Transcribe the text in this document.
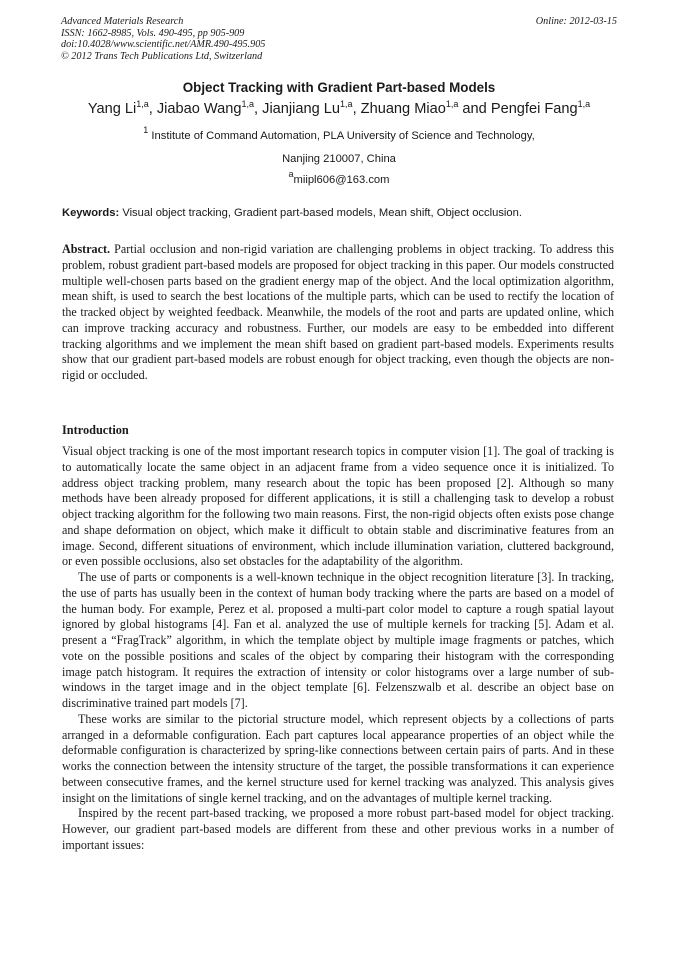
Advanced Materials Research
ISSN: 1662-8985, Vols. 490-495, pp 905-909
doi:10.4028/www.scientific.net/AMR.490-495.905
© 2012 Trans Tech Publications Ltd, Switzerland
Online: 2012-03-15
Object Tracking with Gradient Part-based Models
Yang Li$^{1,a}$, Jiabao Wang$^{1,a}$, Jianjiang Lu$^{1,a}$, Zhuang Miao$^{1,a}$ and Pengfei Fang$^{1,a}$
$^1$ Institute of Command Automation, PLA University of Science and Technology,
Nanjing 210007, China
$^a$miipl606@163.com
Keywords: Visual object tracking, Gradient part-based models, Mean shift, Object occlusion.
Abstract. Partial occlusion and non-rigid variation are challenging problems in object tracking. To address this problem, robust gradient part-based models are proposed for object tracking in this paper. Our models constructed multiple well-chosen parts based on the gradient energy map of the object. And the local optimization algorithm, mean shift, is used to search the best locations of the multiple parts, which can be used to rectify the location of the tracked object by weighted feedback. Meanwhile, the models of the root and parts are updated online, which can improve tracking accuracy and robustness. Further, our models are easy to be embedded into different tracking algorithms and we implement the mean shift based on gradient part-based models. Experiments results show that our gradient part-based models are robust enough for object tracking, even though the objects are non-rigid or occluded.
Introduction

Visual object tracking is one of the most important research topics in computer vision [1]. The goal of tracking is to automatically locate the same object in an adjacent frame from a video sequence once it is initialized. To address object tracking problem, many research about the topic has been proposed [2]. Although so many methods have been already proposed for different applications, it is still a challenging task to develop a robust object tracking algorithm for the following two main reasons. First, the non-rigid objects often exists pose change and shape deformation on object, which make it difficult to obtain stable and discriminative features from an image. Second, different situations of environment, which include illumination variation, cluttered background, or even possible occlusions, also set obstacles for the adaptability of the algorithm.

The use of parts or components is a well-known technique in the object recognition literature [3]. In tracking, the use of parts has usually been in the context of human body tracking where the parts are based on a model of the human body. For example, Perez et al. proposed a multi-part color model to capture a rough spatial layout ignored by global histograms [4]. Fan et al. analyzed the use of multiple kernels for tracking [5]. Adam et al. present a “FragTrack” algorithm, in which the template object by multiple image fragments or patches, which vote on the possible positions and scales of the object by comparing their histogram with the corresponding image patch histogram. It requires the extraction of intensity or color histograms over a large number of sub-windows in the target image and in the object template [6]. Felzenszwalb et al. describe an object base on discriminative trained part models [7].

These works are similar to the pictorial structure model, which represent objects by a collections of parts arranged in a deformable configuration. Each part captures local appearance properties of an object while the deformable configuration is characterized by spring-like connections between certain pairs of parts. And in these works the connection between the intensity structure of the target, the possible transformations it can experience between consecutive frames, and the kernel structure used for kernel tracking was analyzed. This analysis gives insight on the limitations of single kernel tracking, and on the advantages of multiple kernel tracking.

Inspired by the recent part-based tracking, we proposed a more robust part-based model for object tracking. However, our gradient part-based models are different from these and other previous works in a number of important issues:
